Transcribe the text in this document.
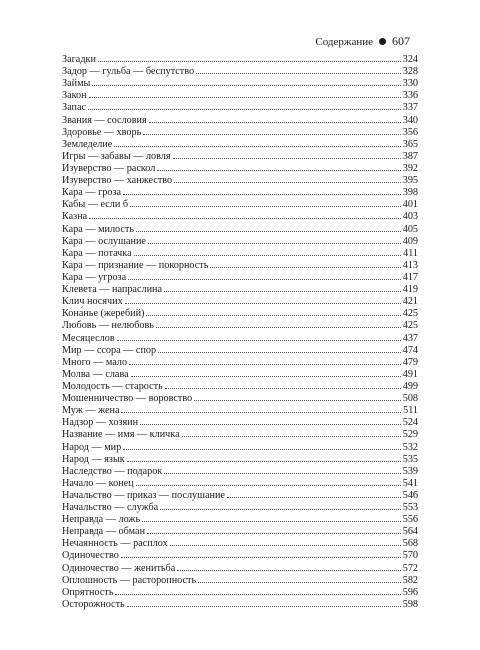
Содержание 607
Загадки	324
Задор — гульба — беспутство	328
Займы	330
Закон	336
Запас	337
Звания — сословия	340
Здоровье — хворь	356
Земледелие	365
Игры — забавы — ловля	387
Изуверство — раскол	392
Изуверство — ханжество	395
Кара — гроза	398
Кабы — если б	401
Казна	403
Кара — милость	405
Кара — ослушание	409
Кара — потачка	411
Кара — признание — покорность	413
Кара — угроза	417
Клевета — напраслина	419
Клич носячих	421
Кона́нье (жеребий)	425
Любовь — нелюбовь	425
Месяцеслов	437
Мир — ссора — спор	474
Много — мало	479
Молва — слава	491
Молодость — старость	499
Мошенничество — воровство	508
Муж — жена	511
Надзор — хозяин	524
Название — имя — кличка	529
Народ — мир	532
Народ — язык	535
Наследство — подарок	539
Начало — конец	541
Начальство — приказ — послушание	546
Начальство — служба	553
Неправда — ложь	556
Неправда — обман	564
Нечаянность — расплох	568
Одиночество	570
Одиночество — женитьба	572
Оплошность — расторопность	582
Опрятность	596
Осторожность	598
